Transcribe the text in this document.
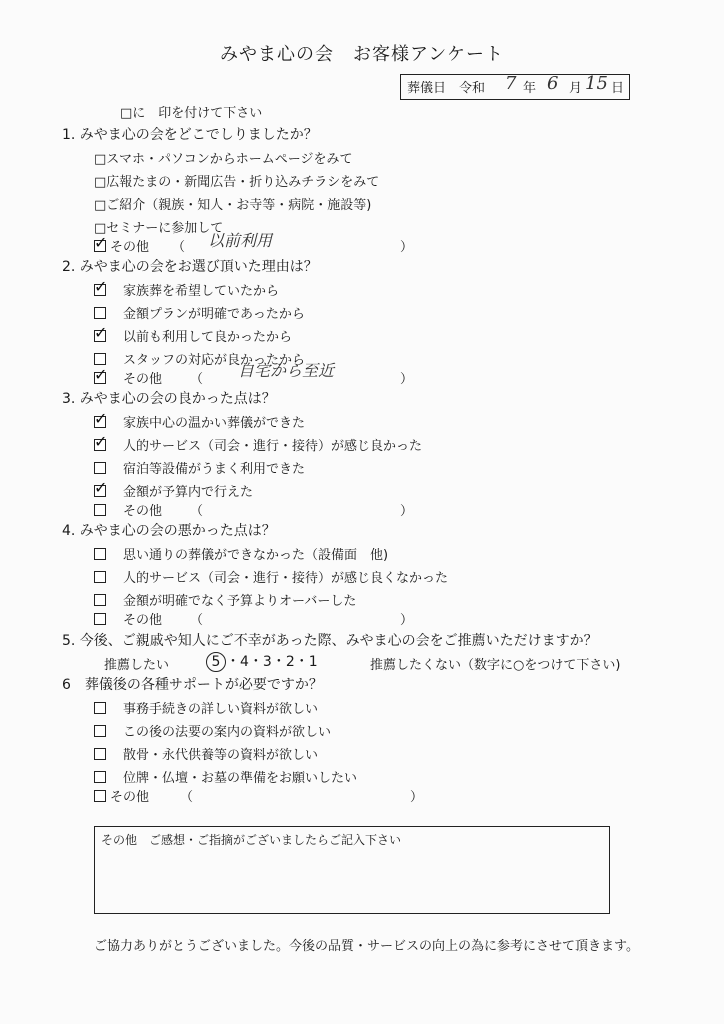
みやま心の会　お客様アンケート
葬儀日　令和 7 年 6 月 15 日
□に　印を付けて下さい
1. みやま心の会をどこでしりましたか？
□スマホ・パソコンからホームページをみて
□広報たまの・新聞広告・折り込みチラシをみて
□ご紹介（親族・知人・お寺等・病院・施設等)
□セミナーに参加して
✓その他 （ 以前利用	）
2. みやま心の会をお選び頂いた理由は？
✓　家族葬を希望していたから
　金額プランが明確であったから
✓　以前も利用して良かったから
　スタッフの対応が良かったから
✓　その他 （ 自宅から至近	）
3. みやま心の会の良かった点は？
✓　家族中心の温かい葬儀ができた
✓　人的サービス（司会・進行・接待）が感じ良かった
　宿泊等設備がうまく利用できた
✓　金額が予算内で行えた
　その他 （	）
4. みやま心の会の悪かった点は？
　思い通りの葬儀ができなかった（設備面　他)
　人的サービス（司会・進行・接待）が感じ良くなかった
　金額が明確でなく予算よりオーバーした
　その他 （	）
5. 今後、ご親戚や知人にご不幸があった際、みやま心の会をご推薦いただけますか？
推薦したい	5 ・4・3・2・1	推薦したくない（数字に○をつけて下さい)
6　葬儀後の各種サポートが必要ですか？
　事務手続きの詳しい資料が欲しい
　この後の法要の案内の資料が欲しい
　散骨・永代供養等の資料が欲しい
　位牌・仏壇・お墓の準備をお願いしたい
その他 （	）
その他　ご感想・ご指摘がございましたらご記入下さい
ご協力ありがとうございました。今後の品質・サービスの向上の為に参考にさせて頂きます。
